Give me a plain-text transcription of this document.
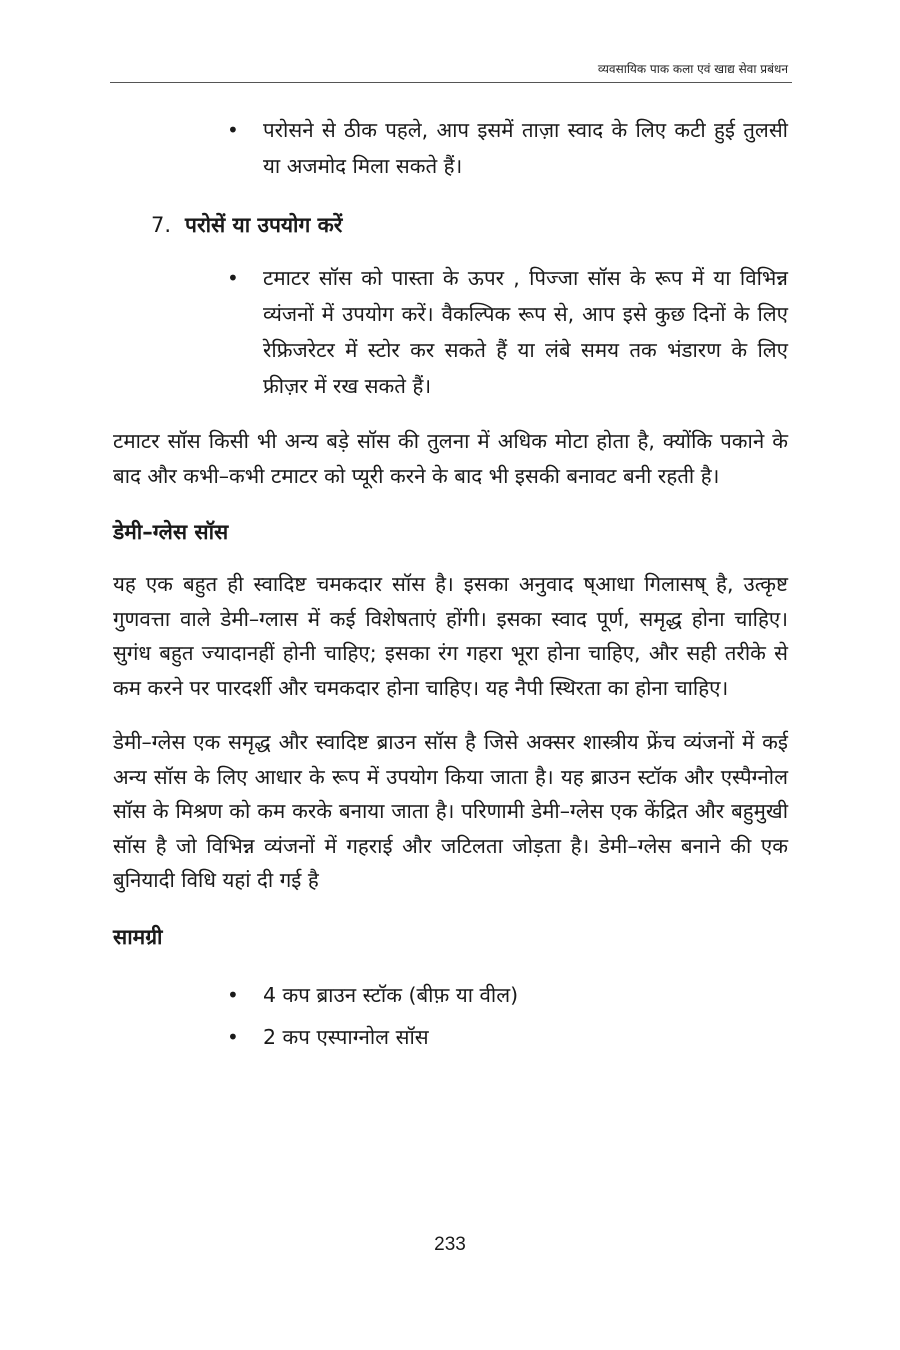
व्यवसायिक पाक कला एवं खाद्य सेवा प्रबंधन
• परोसने से ठीक पहले, आप इसमें ताज़ा स्वाद के लिए कटी हुई तुलसी या अजमोद मिला सकते हैं।
7. परोसें या उपयोग करें
• टमाटर सॉस को पास्ता के ऊपर , पिज्जा सॉस के रूप में या विभिन्न व्यंजनों में उपयोग करें। वैकल्पिक रूप से, आप इसे कुछ दिनों के लिए रेफ्रिजरेटर में स्टोर कर सकते हैं या लंबे समय तक भंडारण के लिए फ्रीज़र में रख सकते हैं।

टमाटर सॉस किसी भी अन्य बड़े सॉस की तुलना में अधिक मोटा होता है, क्योंकि पकाने के बाद और कभी–कभी टमाटर को प्यूरी करने के बाद भी इसकी बनावट बनी रहती है।

डेमी–ग्लेस सॉस

यह एक बहुत ही स्वादिष्ट चमकदार सॉस है। इसका अनुवाद ष्आधा गिलासष् है, उत्कृष्ट गुणवत्ता वाले डेमी–ग्लास में कई विशेषताएं होंगी। इसका स्वाद पूर्ण, समृद्ध होना चाहिए। सुगंध बहुत ज्यादानहीं होनी चाहिए; इसका रंग गहरा भूरा होना चाहिए, और सही तरीके से कम करने पर पारदर्शी और चमकदार होना चाहिए। यह नैपी स्थिरता का होना चाहिए।

डेमी–ग्लेस एक समृद्ध और स्वादिष्ट ब्राउन सॉस है जिसे अक्सर शास्त्रीय फ्रेंच व्यंजनों में कई अन्य सॉस के लिए आधार के रूप में उपयोग किया जाता है। यह ब्राउन स्टॉक और एस्पैग्नोल सॉस के मिश्रण को कम करके बनाया जाता है। परिणामी डेमी–ग्लेस एक केंद्रित और बहुमुखी सॉस है जो विभिन्न व्यंजनों में गहराई और जटिलता जोड़ता है। डेमी–ग्लेस बनाने की एक बुनियादी विधि यहां दी गई है

सामग्री
• 4 कप ब्राउन स्टॉक (बीफ़ या वील)
• 2 कप एस्पाग्नोल सॉस
233
